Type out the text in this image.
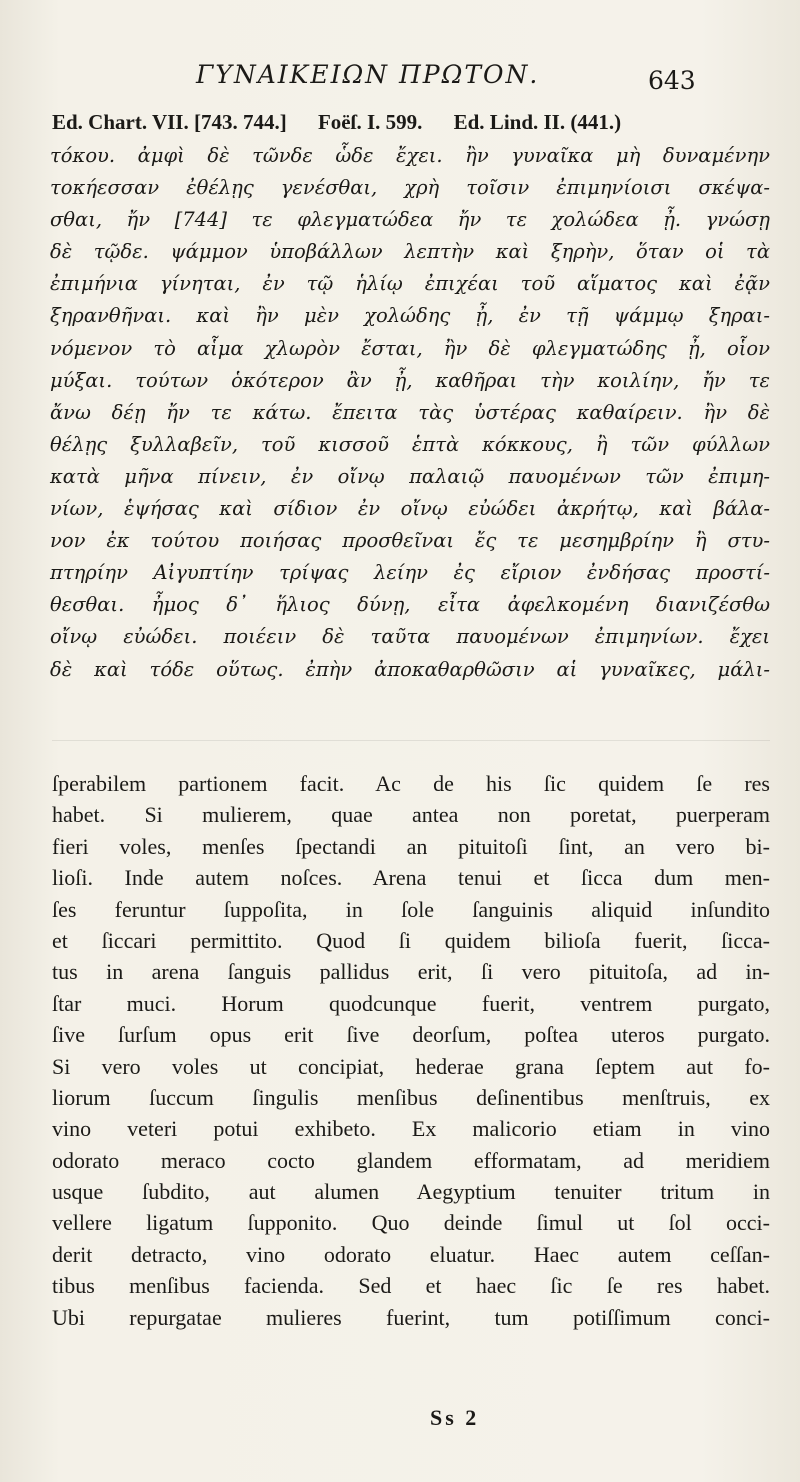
ΓΥΝΑΙΚΕΙΩΝ ΠΡΩΤΟΝ.	643
Ed. Chart. VII. [743. 744.] Foëſ. I. 599. Ed. Lind. II. (441.)
τόκου. ἀμφὶ δὲ τῶνδε ὧδε ἔχει. ἢν γυναῖκα μὴ δυναμένην
τοκήεσσαν ἐθέλῃς γενέσθαι, χρὴ τοῖσιν ἐπιμηνίοισι σκέψα-
σθαι, ἤν [744] τε φλεγματώδεα ἤν τε χολώδεα ᾖ. γνώσῃ
δὲ τῷδε. ψάμμον ὑποβάλλων λεπτὴν καὶ ξηρὴν, ὅταν οἱ τὰ
ἐπιμήνια γίνηται, ἐν τῷ ἡλίῳ ἐπιχέαι τοῦ αἵματος καὶ ἐᾷν
ξηρανθῆναι. καὶ ἢν μὲν χολώδης ᾖ, ἐν τῇ ψάμμῳ ξηραι-
νόμενον τὸ αἷμα χλωρὸν ἔσται, ἢν δὲ φλεγματώδης ᾖ, οἷον
μύξαι. τούτων ὁκότερον ἂν ᾖ, καθῆραι τὴν κοιλίην, ἤν τε
ἄνω δέῃ ἤν τε κάτω. ἔπειτα τὰς ὑστέρας καθαίρειν. ἢν δὲ
θέλῃς ξυλλαβεῖν, τοῦ κισσοῦ ἑπτὰ κόκκους, ἢ τῶν φύλλων
κατὰ μῆνα πίνειν, ἐν οἴνῳ παλαιῷ παυομένων τῶν ἐπιμη-
νίων, ἑψήσας καὶ σίδιον ἐν οἴνῳ εὐώδει ἀκρήτῳ, καὶ βάλα-
νον ἐκ τούτου ποιήσας προσθεῖναι ἔς τε μεσημβρίην ἢ στυ-
πτηρίην Αἰγυπτίην τρίψας λείην ἐς εἴριον ἐνδήσας προστί-
θεσθαι. ἦμος δ᾽ ἥλιος δύνῃ, εἶτα ἀφελκομένη διανιζέσθω
οἴνῳ εὐώδει. ποιέειν δὲ ταῦτα παυομένων ἐπιμηνίων. ἔχει
δὲ καὶ τόδε οὕτως. ἐπὴν ἀποκαθαρθῶσιν αἱ γυναῖκες, μάλι-
ſperabilem partionem facit. Ac de his ſic quidem ſe res
habet. Si mulierem, quae antea non poretat, puerperam
fieri voles, menſes ſpectandi an pituitoſi ſint, an vero bi-
lioſi. Inde autem noſces. Arena tenui et ſicca dum men-
ſes feruntur ſuppoſita, in ſole ſanguinis aliquid inſundito
et ſiccari permittito. Quod ſi quidem bilioſa fuerit, ſicca-
tus in arena ſanguis pallidus erit, ſi vero pituitoſa, ad in-
ſtar muci. Horum quodcunque fuerit, ventrem purgato,
ſive ſurſum opus erit ſive deorſum, poſtea uteros purgato.
Si vero voles ut concipiat, hederae grana ſeptem aut fo-
liorum ſuccum ſingulis menſibus deſinentibus menſtruis, ex
vino veteri potui exhibeto. Ex malicorio etiam in vino
odorato meraco cocto glandem efformatam, ad meridiem
usque ſubdito, aut alumen Aegyptium tenuiter tritum in
vellere ligatum ſupponito. Quo deinde ſimul ut ſol occi-
derit detracto, vino odorato eluatur. Haec autem ceſſan-
tibus menſibus facienda. Sed et haec ſic ſe res habet.
Ubi repurgatae mulieres fuerint, tum potiſſimum conci-
Ss 2
